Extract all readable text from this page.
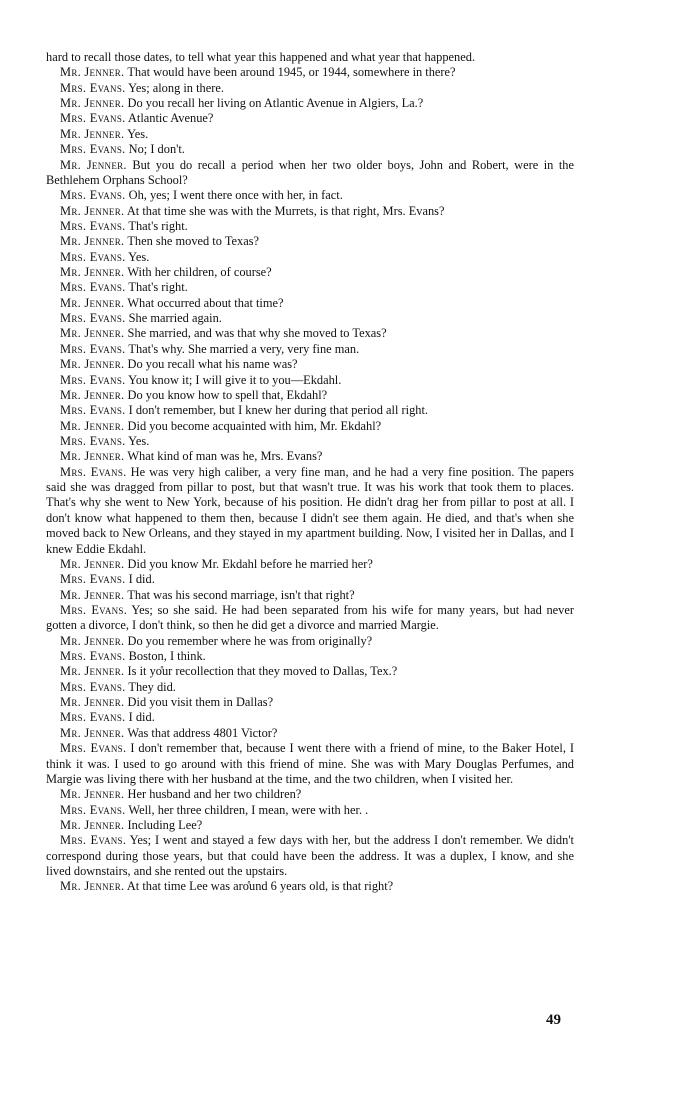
hard to recall those dates, to tell what year this happened and what year that happened.

Mr. Jenner. That would have been around 1945, or 1944, somewhere in there?

Mrs. Evans. Yes; along in there.

Mr. Jenner. Do you recall her living on Atlantic Avenue in Algiers, La.?

Mrs. Evans. Atlantic Avenue?

Mr. Jenner. Yes.

Mrs. Evans. No; I don't.

Mr. Jenner. But you do recall a period when her two older boys, John and Robert, were in the Bethlehem Orphans School?

Mrs. Evans. Oh, yes; I went there once with her, in fact.

Mr. Jenner. At that time she was with the Murrets, is that right, Mrs. Evans?

Mrs. Evans. That's right.

Mr. Jenner. Then she moved to Texas?

Mrs. Evans. Yes.

Mr. Jenner. With her children, of course?

Mrs. Evans. That's right.

Mr. Jenner. What occurred about that time?

Mrs. Evans. She married again.

Mr. Jenner. She married, and was that why she moved to Texas?

Mrs. Evans. That's why. She married a very, very fine man.

Mr. Jenner. Do you recall what his name was?

Mrs. Evans. You know it; I will give it to you—Ekdahl.

Mr. Jenner. Do you know how to spell that, Ekdahl?

Mrs. Evans. I don't remember, but I knew her during that period all right.

Mr. Jenner. Did you become acquainted with him, Mr. Ekdahl?

Mrs. Evans. Yes.

Mr. Jenner. What kind of man was he, Mrs. Evans?

Mrs. Evans. He was very high caliber, a very fine man, and he had a very fine position. The papers said she was dragged from pillar to post, but that wasn't true. It was his work that took them to places. That's why she went to New York, because of his position. He didn't drag her from pillar to post at all. I don't know what happened to them then, because I didn't see them again. He died, and that's when she moved back to New Orleans, and they stayed in my apartment building. Now, I visited her in Dallas, and I knew Eddie Ekdahl.

Mr. Jenner. Did you know Mr. Ekdahl before he married her?

Mrs. Evans. I did.

Mr. Jenner. That was his second marriage, isn't that right?

Mrs. Evans. Yes; so she said. He had been separated from his wife for many years, but had never gotten a divorce, I don't think, so then he did get a divorce and married Margie.

Mr. Jenner. Do you remember where he was from originally?

Mrs. Evans. Boston, I think.

Mr. Jenner. Is it yo̊ur recollection that they moved to Dallas, Tex.?

Mrs. Evans. They did.

Mr. Jenner. Did you visit them in Dallas?

Mrs. Evans. I did.

Mr. Jenner. Was that address 4801 Victor?

Mrs. Evans. I don't remember that, because I went there with a friend of mine, to the Baker Hotel, I think it was. I used to go around with this friend of mine. She was with Mary Douglas Perfumes, and Margie was living there with her husband at the time, and the two children, when I visited her.

Mr. Jenner. Her husband and her two children?

Mrs. Evans. Well, her three children, I mean, were with her. .

Mr. Jenner. Including Lee?

Mrs. Evans. Yes; I went and stayed a few days with her, but the address I don't remember. We didn't correspond during those years, but that could have been the address. It was a duplex, I know, and she lived downstairs, and she rented out the upstairs.

Mr. Jenner. At that time Lee was aro̊und 6 years old, is that right?

49
